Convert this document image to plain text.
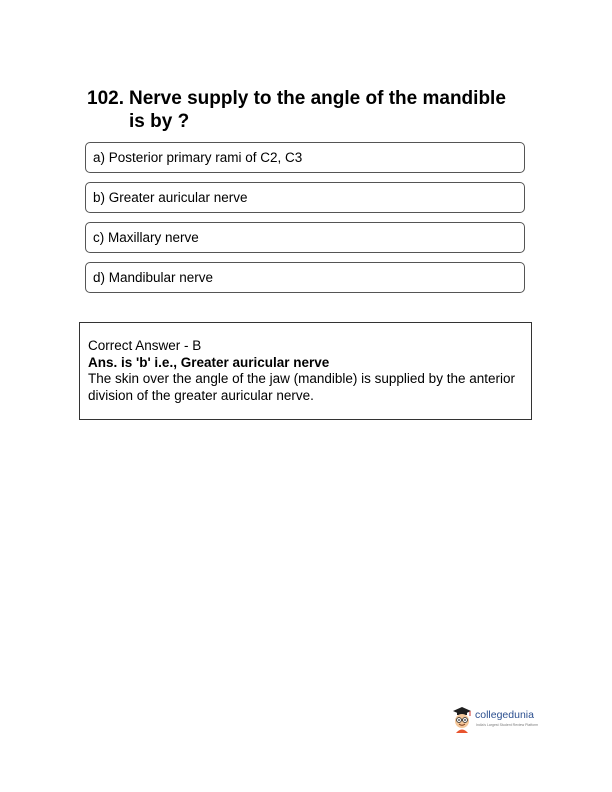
102. Nerve supply to the angle of the mandible is by ?
a) Posterior primary rami of C2, C3
b) Greater auricular nerve
c) Maxillary nerve
d) Mandibular nerve
Correct Answer - B
Ans. is 'b' i.e., Greater auricular nerve
The skin over the angle of the jaw (mandible) is supplied by the anterior division of the greater auricular nerve.
collegedunia
India's Largest Student Review Platform
